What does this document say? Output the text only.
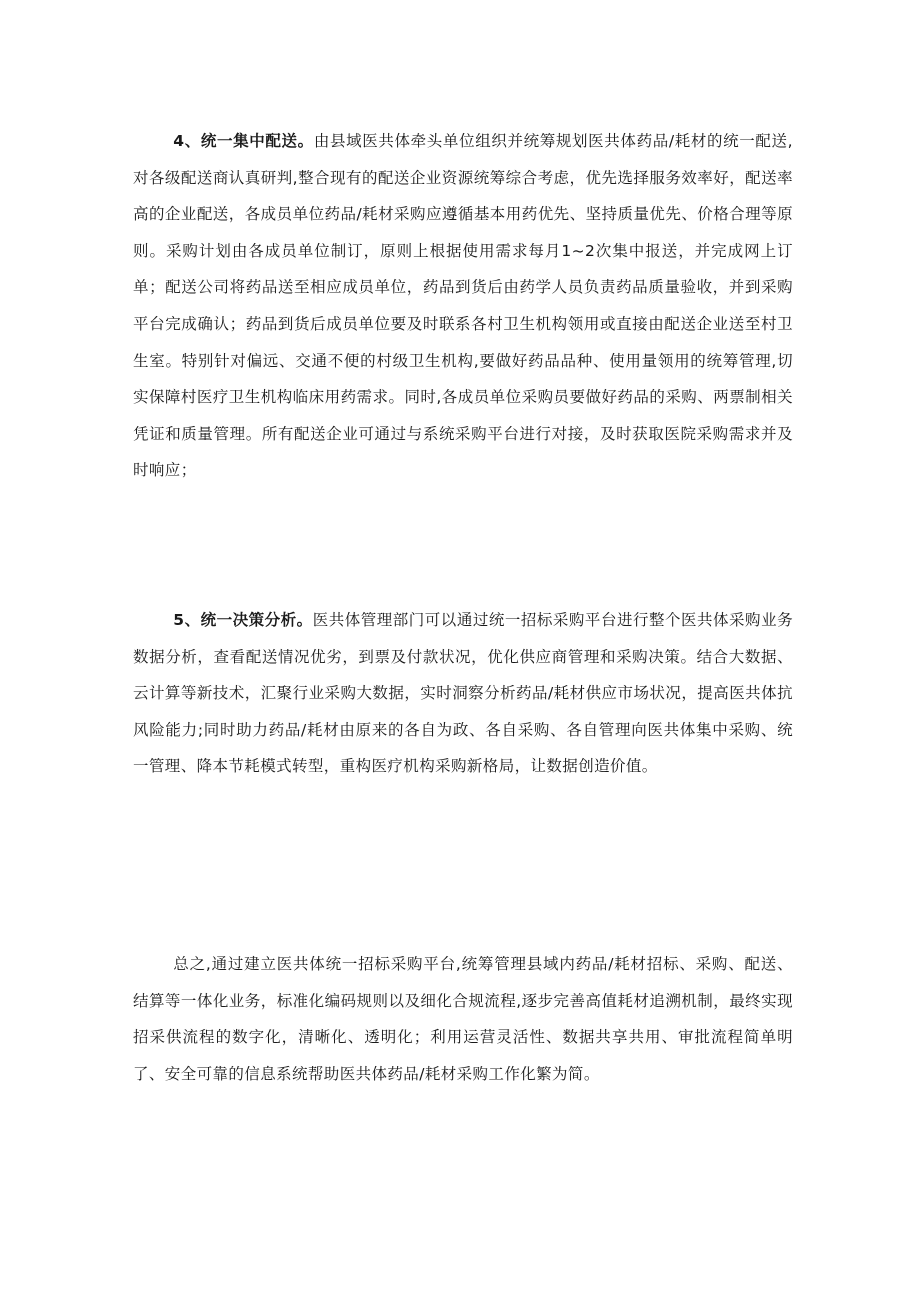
4、统一集中配送。由县域医共体牵头单位组织并统筹规划医共体药品/耗材的统一配送,对各级配送商认真研判,整合现有的配送企业资源统筹综合考虑，优先选择服务效率好，配送率高的企业配送，各成员单位药品/耗材采购应遵循基本用药优先、坚持质量优先、价格合理等原则。采购计划由各成员单位制订，原则上根据使用需求每月1~2次集中报送，并完成网上订单；配送公司将药品送至相应成员单位，药品到货后由药学人员负责药品质量验收，并到采购平台完成确认；药品到货后成员单位要及时联系各村卫生机构领用或直接由配送企业送至村卫生室。特别针对偏远、交通不便的村级卫生机构,要做好药品品种、使用量领用的统筹管理,切实保障村医疗卫生机构临床用药需求。同时,各成员单位采购员要做好药品的采购、两票制相关凭证和质量管理。所有配送企业可通过与系统采购平台进行对接，及时获取医院采购需求并及时响应；

5、统一决策分析。医共体管理部门可以通过统一招标采购平台进行整个医共体采购业务数据分析，查看配送情况优劣，到票及付款状况，优化供应商管理和采购决策。结合大数据、云计算等新技术，汇聚行业采购大数据，实时洞察分析药品/耗材供应市场状况，提高医共体抗风险能力;同时助力药品/耗材由原来的各自为政、各自采购、各自管理向医共体集中采购、统一管理、降本节耗模式转型，重构医疗机构采购新格局，让数据创造价值。

总之,通过建立医共体统一招标采购平台,统筹管理县域内药品/耗材招标、采购、配送、结算等一体化业务，标准化编码规则以及细化合规流程,逐步完善高值耗材追溯机制，最终实现招采供流程的数字化，清晰化、透明化；利用运营灵活性、数据共享共用、审批流程简单明了、安全可靠的信息系统帮助医共体药品/耗材采购工作化繁为简。
